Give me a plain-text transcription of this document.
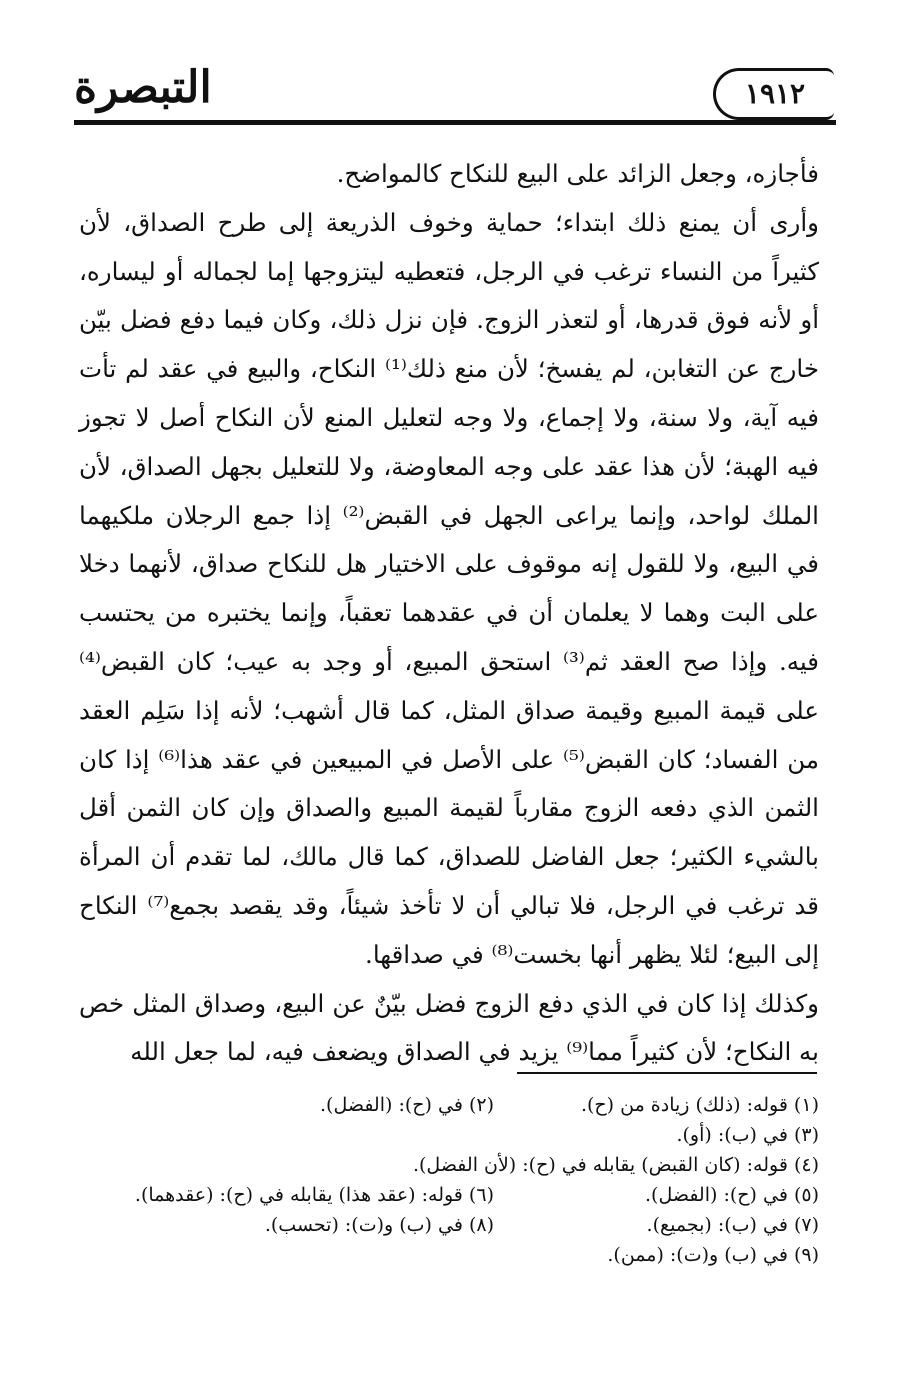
التبصرة	١٩١٢

فأجازه، وجعل الزائد على البيع للنكاح كالمواضح.

وأرى أن يمنع ذلك ابتداء؛ حماية وخوف الذريعة إلى طرح الصداق، لأن كثيراً من النساء ترغب في الرجل، فتعطيه ليتزوجها إما لجماله أو ليساره، أو لأنه فوق قدرها، أو لتعذر الزوج. فإن نزل ذلك، وكان فيما دفع فضل بيّن خارج عن التغابن، لم يفسخ؛ لأن منع ذلك⁽¹⁾ النكاح، والبيع في عقد لم تأت فيه آية، ولا سنة، ولا إجماع، ولا وجه لتعليل المنع لأن النكاح أصل لا تجوز فيه الهبة؛ لأن هذا عقد على وجه المعاوضة، ولا للتعليل بجهل الصداق، لأن الملك لواحد، وإنما يراعى الجهل في القبض⁽²⁾ إذا جمع الرجلان ملكيهما في البيع، ولا للقول إنه موقوف على الاختيار هل للنكاح صداق، لأنهما دخلا على البت وهما لا يعلمان أن في عقدهما تعقباً، وإنما يختبره من يحتسب فيه. وإذا صح العقد ثم⁽³⁾ استحق المبيع، أو وجد به عيب؛ كان القبض⁽⁴⁾ على قيمة المبيع وقيمة صداق المثل، كما قال أشهب؛ لأنه إذا سَلِم العقد من الفساد؛ كان القبض⁽⁵⁾ على الأصل في المبيعين في عقد هذا⁽⁶⁾ إذا كان الثمن الذي دفعه الزوج مقارباً لقيمة المبيع والصداق وإن كان الثمن أقل بالشيء الكثير؛ جعل الفاضل للصداق، كما قال مالك، لما تقدم أن المرأة قد ترغب في الرجل، فلا تبالي أن لا تأخذ شيئاً، وقد يقصد بجمع⁽⁷⁾ النكاح إلى البيع؛ لئلا يظهر أنها بخست⁽⁸⁾ في صداقها.

وكذلك إذا كان في الذي دفع الزوج فضل بيّنٌ عن البيع، وصداق المثل خص به النكاح؛ لأن كثيراً مما⁽⁹⁾ يزيد في الصداق ويضعف فيه، لما جعل الله

(١) قوله: (ذلك) زيادة من (ح).
(٢) في (ح): (الفضل).
(٣) في (ب): (أو).
(٤) قوله: (كان القبض) يقابله في (ح): (لأن الفضل).
(٥) في (ح): (الفضل).
(٦) قوله: (عقد هذا) يقابله في (ح): (عقدهما).
(٧) في (ب): (بجميع).
(٨) في (ب) و(ت): (تحسب).
(٩) في (ب) و(ت): (ممن).
